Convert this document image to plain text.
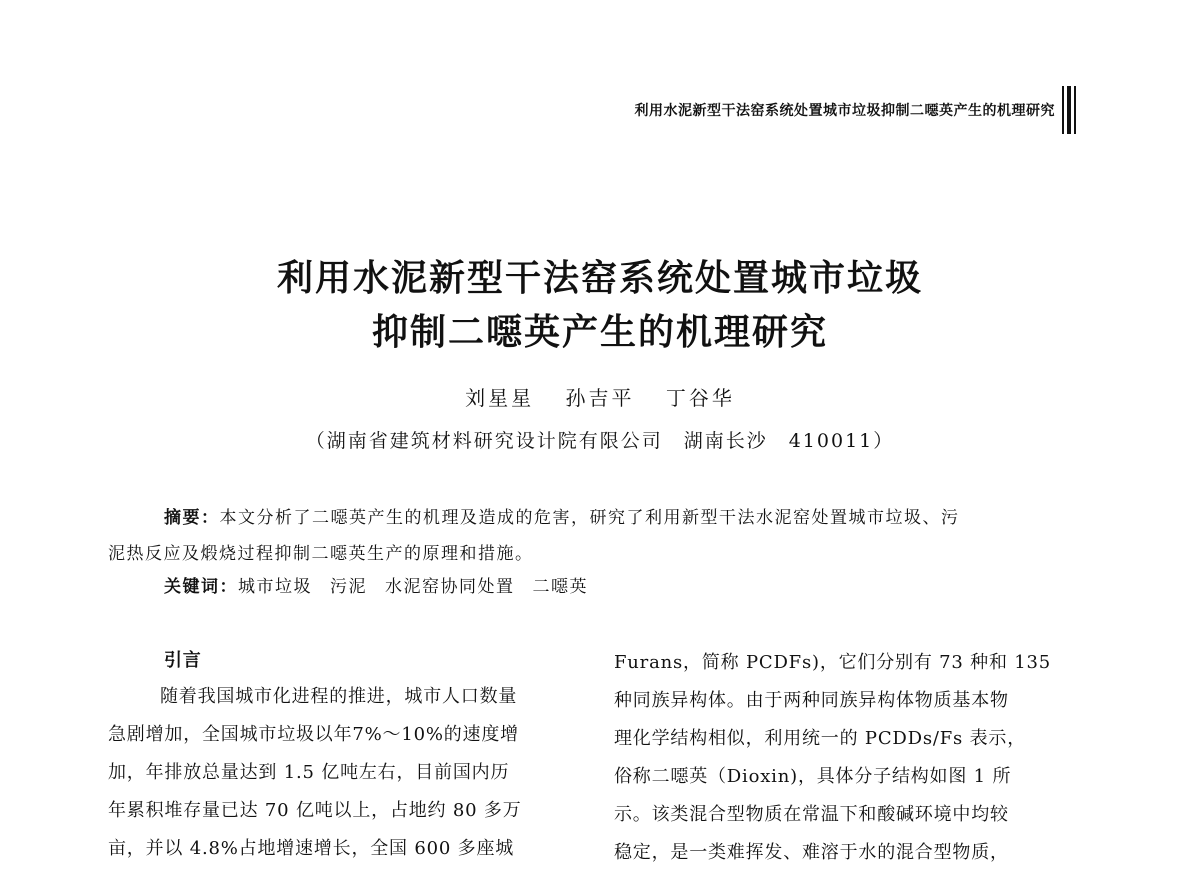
利用水泥新型干法窑系统处置城市垃圾抑制二噁英产生的机理研究
利用水泥新型干法窑系统处置城市垃圾
抑制二噁英产生的机理研究
刘星星 孙吉平 丁谷华
（湖南省建筑材料研究设计院有限公司　湖南长沙　410011）

摘要：本文分析了二噁英产生的机理及造成的危害，研究了利用新型干法水泥窑处置城市垃圾、污

泥热反应及煅烧过程抑制二噁英生产的原理和措施。
关键词：城市垃圾 污泥 水泥窑协同处置 二噁英
引言
随着我国城市化进程的推进，城市人口数量
急剧增加，全国城市垃圾以年7%～10%的速度增
加，年排放总量达到 1.5 亿吨左右，目前国内历
年累积堆存量已达 70 亿吨以上，占地约 80 多万
亩，并以 4.8%占地增速增长，全国 600 多座城
Furans，简称 PCDFs)，它们分别有 73 种和 135
种同族异构体。由于两种同族异构体物质基本物
理化学结构相似，利用统一的 PCDDs/Fs 表示，
俗称二噁英（Dioxin)，具体分子结构如图 1 所
示。该类混合型物质在常温下和酸碱环境中均较
稳定，是一类难挥发、难溶于水的混合型物质，
